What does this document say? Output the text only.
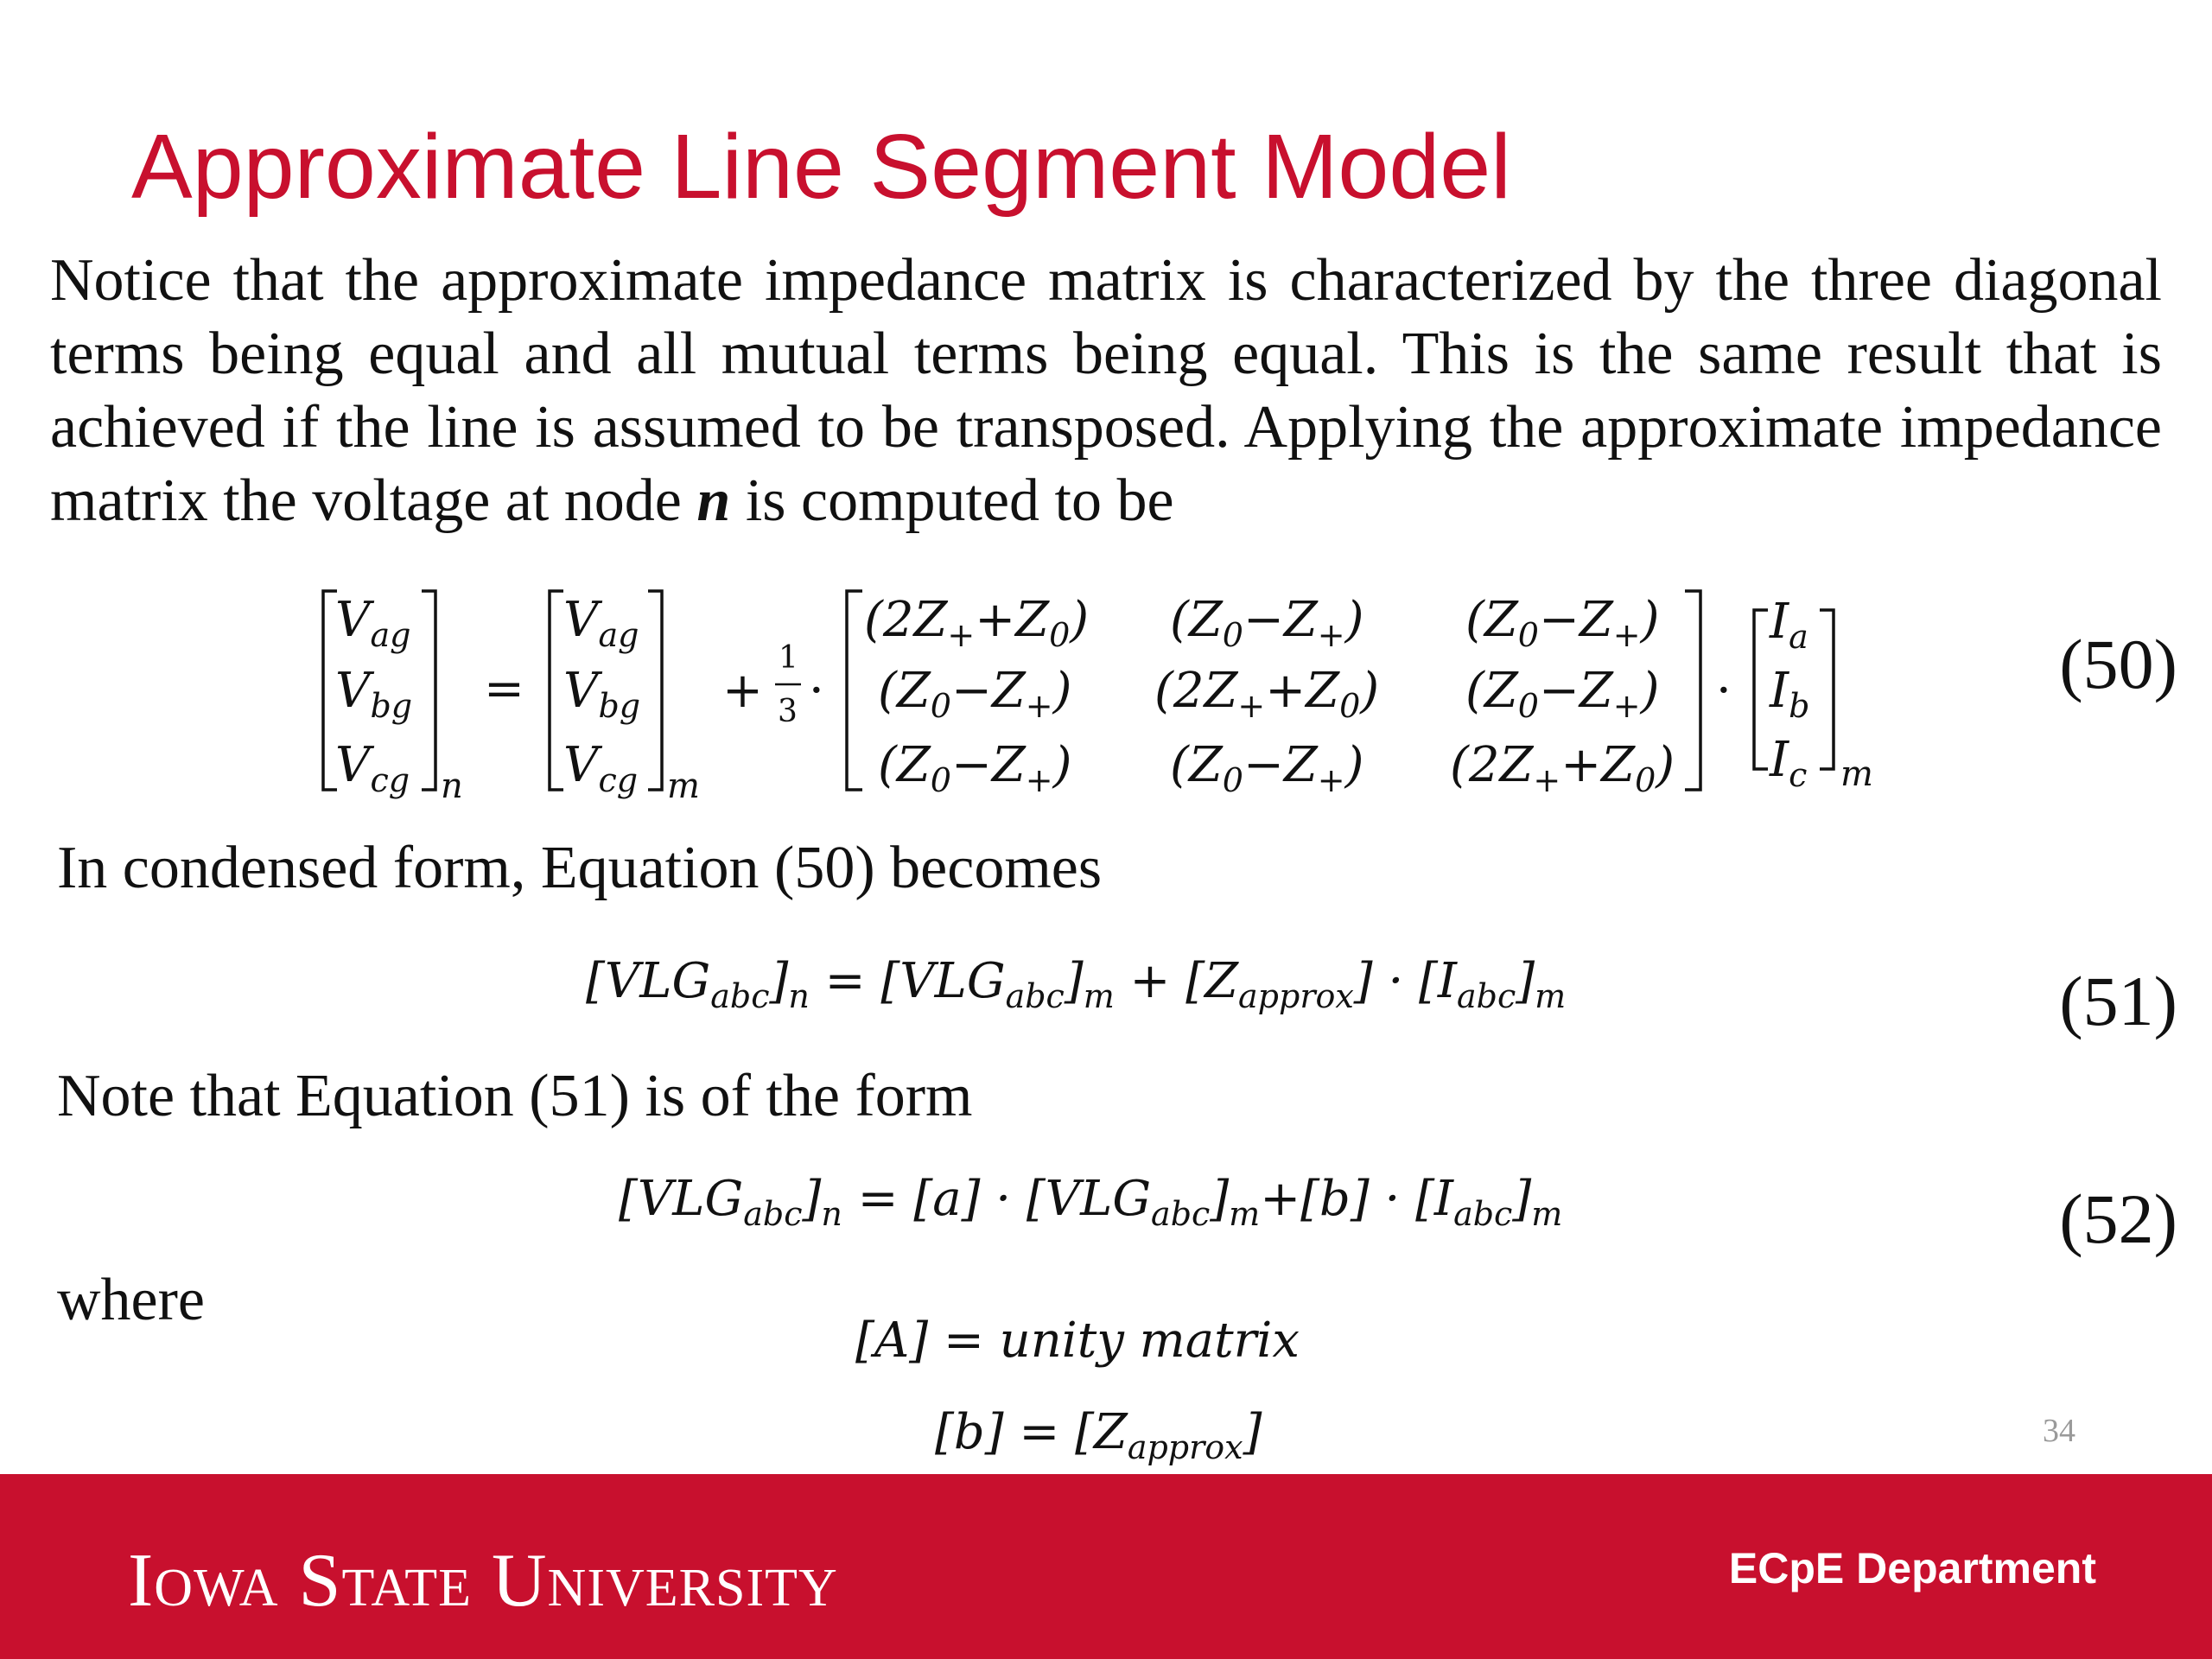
Approximate Line Segment Model
Notice that the approximate impedance matrix is characterized by the three diagonal terms being equal and all mutual terms being equal. This is the same result that is achieved if the line is assumed to be transposed. Applying the approximate impedance matrix the voltage at node n is computed to be
$V_{ag}$
$V_{bg}$
$V_{cg}$ n
=
$V_{ag}$
$V_{bg}$
$V_{cg}$ m
+
1
3 ·
$(2Z_++Z_0)$ $(Z_0-Z_+)$ $(Z_0-Z_+)$
$(Z_0-Z_+)$ $(2Z_++Z_0)$ $(Z_0-Z_+)$
$(Z_0-Z_+)$ $(Z_0-Z_+)$ $(2Z_++Z_0)$
·
$I_a$
$I_b$
$I_c$ m
(50)
In condensed form, Equation (50) becomes
$[VLG_{abc}]_n = [VLG_{abc}]_m + [Z_{approx}] \cdot [I_{abc}]_m$	(51)
Note that Equation (51) is of the form
$[VLG_{abc}]_n = [a] \cdot [VLG_{abc}]_m+[b] \cdot [I_{abc}]_m$	(52)
where
[A] = unity matrix
$[b] = [Z_{approx}]$	34
Iowa State University	ECpE Department
